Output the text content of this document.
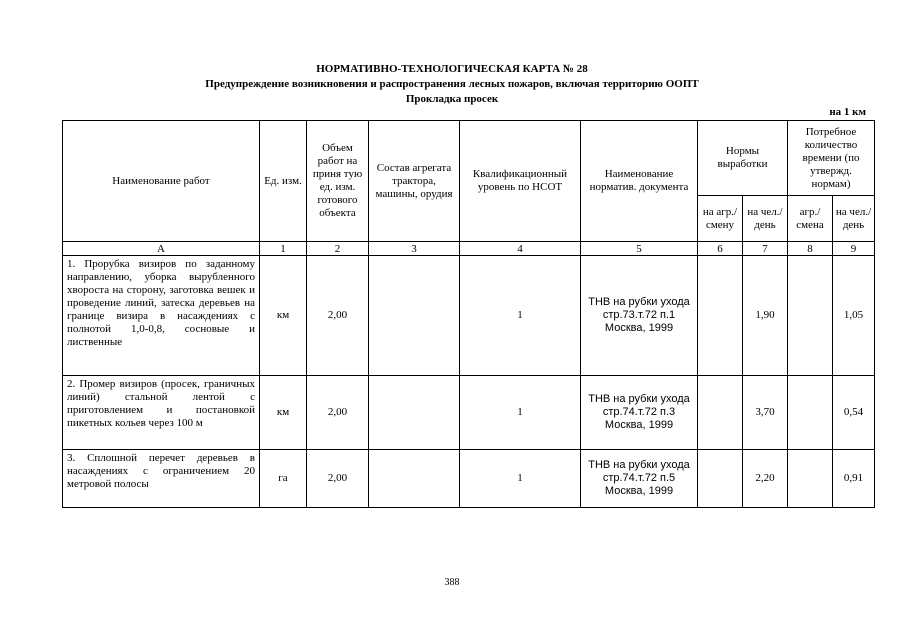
НОРМАТИВНО-ТЕХНОЛОГИЧЕСКАЯ КАРТА № 28
Предупреждение возникновения и распространения лесных пожаров, включая территорию ООПТ
Прокладка просек
на 1 км
Наименование работ	Ед. изм.	Объем работ на приня тую ед. изм. готового объекта	Состав агрегата трактора, машины, орудия	Квалификационный уровень по НСОТ	Наименование норматив. документа	Нормы выработки		Потребное количество времени (по утвержд. нормам)	
						на агр./ смену	на чел./ день	агр./ смена	на чел./ день
А	1	2	3	4	5	6	7	8	9
1. Прорубка визиров по заданному направлению, уборка вырубленного хвороста на сторону, заготовка вешек и проведение линий, затеска деревьев на границе визира в насаждениях с полнотой 1,0-0,8, сосновые и лиственные	км	2,00		1	ТНВ на рубки ухода стр.73.т.72 п.1 Москва, 1999		1,90		1,05
2. Промер визиров (просек, граничных линий) стальной лентой с приготовлением и постановкой пикетных кольев через 100 м	км	2,00		1	ТНВ на рубки ухода стр.74.т.72 п.3 Москва, 1999		3,70		0,54
3. Сплошной перечет деревьев в насаждениях с ограничением 20 метровой полосы	га	2,00		1	ТНВ на рубки ухода стр.74.т.72 п.5 Москва, 1999		2,20		0,91
388
